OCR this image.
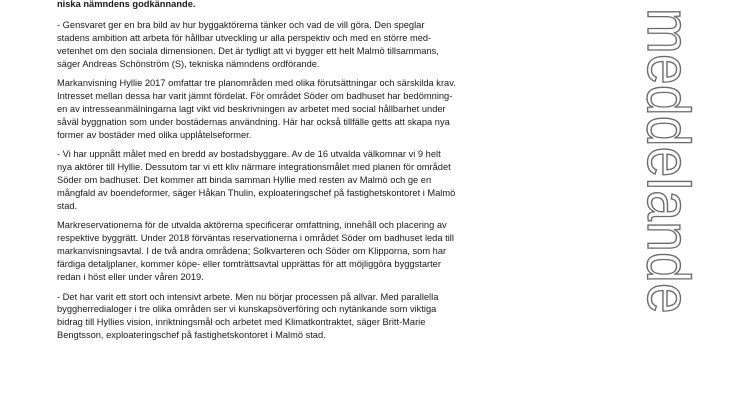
niska nämndens godkännande.

- Gensvaret ger en bra bild av hur byggaktörerna tänker och vad de vill göra. Den speglar
stadens ambition att arbeta för hållbar utveckling ur alla perspektiv och med en större med-
vetenhet om den sociala dimensionen. Det är tydligt att vi bygger ett helt Malmö tillsammans,
säger Andreas Schönström (S), tekniska nämndens ordförande.

Markanvisning Hyllie 2017 omfattar tre planområden med olika förutsättningar och särskilda krav.
Intresset mellan dessa har varit jämnt fördelat. För området Söder om badhuset har bedömning-
en av intresseanmälningarna lagt vikt vid beskrivningen av arbetet med social hållbarhet under
såväl byggnation som under bostädernas användning. Här har också tillfälle getts att skapa nya
former av bostäder med olika upplåtelseformer.

- Vi har uppnått målet med en bredd av bostadsbyggare. Av de 16 utvalda välkomnar vi 9 helt
nya aktörer till Hyllie. Dessutom tar vi ett kliv närmare integrationsmålet med planen för området
Söder om badhuset. Det kommer att binda samman Hyllie med resten av Malmö och ge en
mångfald av boendeformer, säger Håkan Thulin, exploateringschef på fastighetskontoret i Malmö
stad.

Markreservationerna för de utvalda aktörerna specificerar omfattning, innehåll och placering av
respektive byggrätt. Under 2018 förväntas reservationerna i området Söder om badhuset leda till
markanvisningsavtal. I de två andra områdena; Solkvarteren och Söder om Klipporna, som har
färdiga detaljplaner, kommer köpe- eller tomträttsavtal upprättas för att möjliggöra byggstarter
redan i höst eller under våren 2019.

- Det har varit ett stort och intensivt arbete. Men nu börjar processen på allvar. Med parallella
byggherredialoger i tre olika områden ser vi kunskapsöverföring och nytänkande som viktiga
bidrag till Hyllies vision, inriktningsmål och arbetet med Klimatkontraktet, säger Britt-Marie
Bengtsson, exploateringschef på fastighetskontoret i Malmö stad.	meddelande
